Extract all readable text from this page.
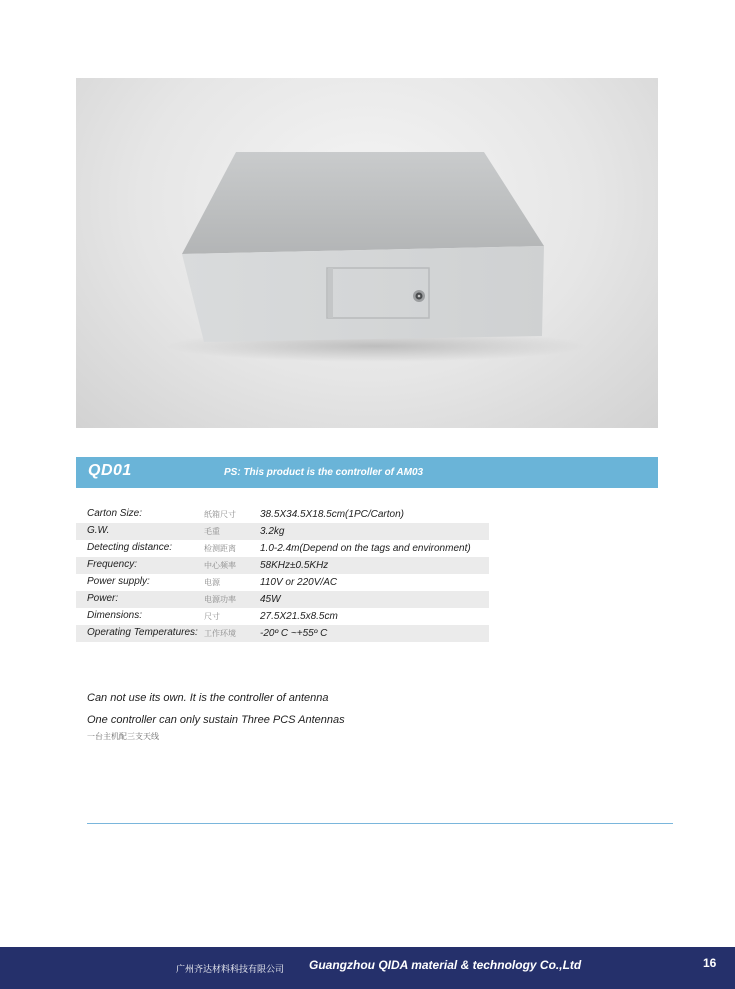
QD01	PS: This product is the controller of AM03
Carton Size:	纸箱尺寸 38.5X34.5X18.5cm(1PC/Carton)
G.W.	毛重	3.2kg
Detecting distance:	检测距离 1.0-2.4m(Depend on the tags and environment)
Frequency:	中心频率 58KHz±0.5KHz
Power supply:	电源	110V or 220V/AC
Power:	电源功率 45W
Dimensions:	尺寸	27.5X21.5x8.5cm
Operating Temperatures: 工作环境 -20º C ~+55º C
Can not use its own. It is the controller of antenna
One controller can only sustain Three PCS Antennas
一台主机配三支天线
广州齐达材料科技有限公司 Guangzhou QIDA material & technology Co.,Ltd	16
